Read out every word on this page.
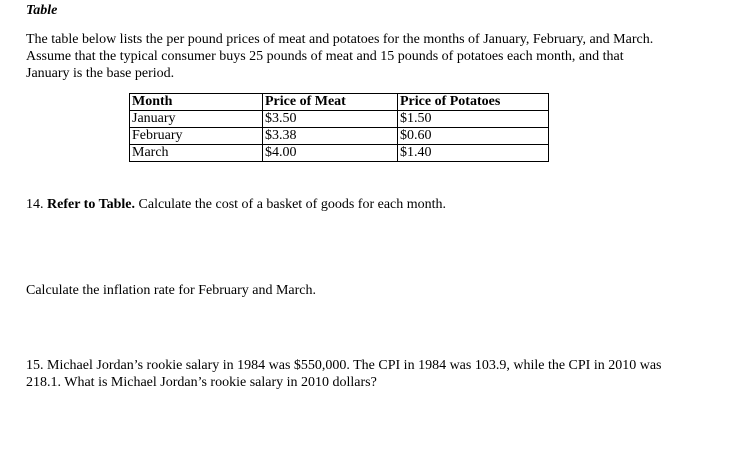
Table
The table below lists the per pound prices of meat and potatoes for the months of January, February, and March. Assume that the typical consumer buys 25 pounds of meat and 15 pounds of potatoes each month, and that January is the base period.
Month	Price of Meat	Price of Potatoes
January	$3.50	$1.50
February	$3.38	$0.60
March	$4.00	$1.40
14. Refer to Table. Calculate the cost of a basket of goods for each month.
Calculate the inflation rate for February and March.
15. Michael Jordan’s rookie salary in 1984 was $550,000. The CPI in 1984 was 103.9, while the CPI in 2010 was 218.1. What is Michael Jordan’s rookie salary in 2010 dollars?
